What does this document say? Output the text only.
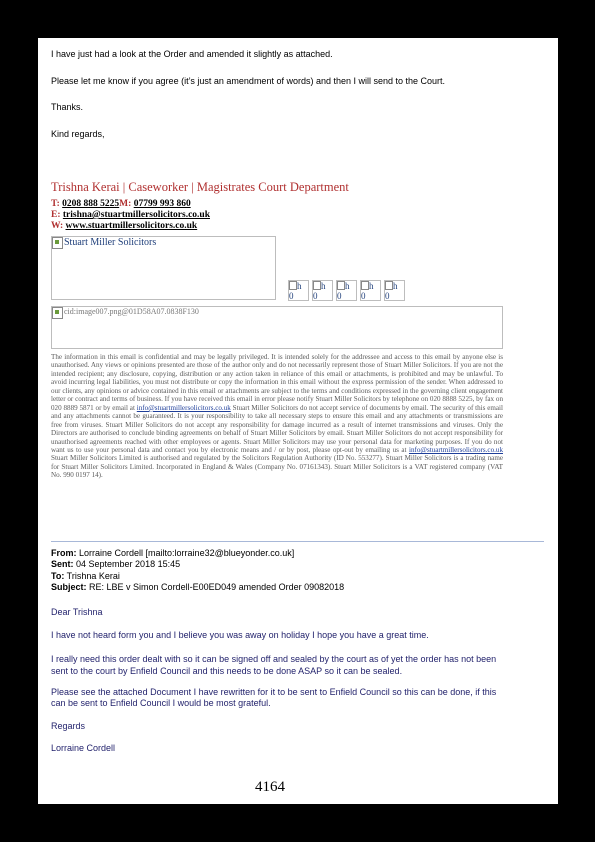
I have just had a look at the Order and amended it slightly as attached.
Please let me know if you agree (it’s just an amendment of words) and then I will send to the Court.
Thanks.
Kind regards,
Trishna Kerai | Caseworker | Magistrates Court Department
T: 0208 888 5225M: 07799 993 860
E: trishna@stuartmillersolicitors.co.uk
W: www.stuartmillersolicitors.co.uk
Stuart Miller Solicitors
h 0
h 0
h 0
h 0
h 0
cid:image007.png@01D58A07.0838F130
The information in this email is confidential and may be legally privileged. It is intended solely for the addressee and access to this email by anyone else is unauthorised. Any views or opinions presented are those of the author only and do not necessarily represent those of Stuart Miller Solicitors. If you are not the intended recipient; any disclosure, copying, distribution or any action taken in reliance of this email or attachments, is prohibited and may be unlawful. To avoid incurring legal liabilities, you must not distribute or copy the information in this email without the express permission of the sender. When addressed to our clients, any opinions or advice contained in this email or attachments are subject to the terms and conditions expressed in the governing client engagement letter or contract and terms of business. If you have received this email in error please notify Stuart Miller Solicitors by telephone on 020 8888 5225, by fax on 020 8889 5871 or by email at info@stuartmillersolicitors.co.uk Stuart Miller Solicitors do not accept service of documents by email. The security of this email and any attachments cannot be guaranteed. It is your responsibility to take all necessary steps to ensure this email and any attachments or transmissions are free from viruses. Stuart Miller Solicitors do not accept any responsibility for damage incurred as a result of internet transmissions and viruses. Only the Directors are authorised to conclude binding agreements on behalf of Stuart Miller Solicitors by email. Stuart Miller Solicitors do not accept responsibility for unauthorised agreements reached with other employees or agents. Stuart Miller Solicitors may use your personal data for marketing purposes. If you do not want us to use your personal data and contact you by electronic means and / or by post, please opt-out by emailing us at info@stuartmillersolicitors.co.uk Stuart Miller Solicitors Limited is authorised and regulated by the Solicitors Regulation Authority (ID No. 553277). Stuart Miller Solicitors is a trading name for Stuart Miller Solicitors Limited. Incorporated in England & Wales (Company No. 07161343). Stuart Miller Solicitors is a VAT registered company (VAT No. 990 0197 14).
From: Lorraine Cordell [mailto:lorraine32@blueyonder.co.uk]
Sent: 04 September 2018 15:45
To: Trishna Kerai
Subject: RE: LBE v Simon Cordell-E00ED049 amended Order 09082018
Dear Trishna
I have not heard form you and I believe you was away on holiday I hope you have a great time.
I really need this order dealt with so it can be signed off and sealed by the court as of yet the order has not been
sent to the court by Enfield Council and this needs to be done ASAP so it can be sealed.
Please see the attached Document I have rewritten for it to be sent to Enfield Council so this can be done, if this
can be sent to Enfield Council I would be most grateful.
Regards
Lorraine Cordell
4164
